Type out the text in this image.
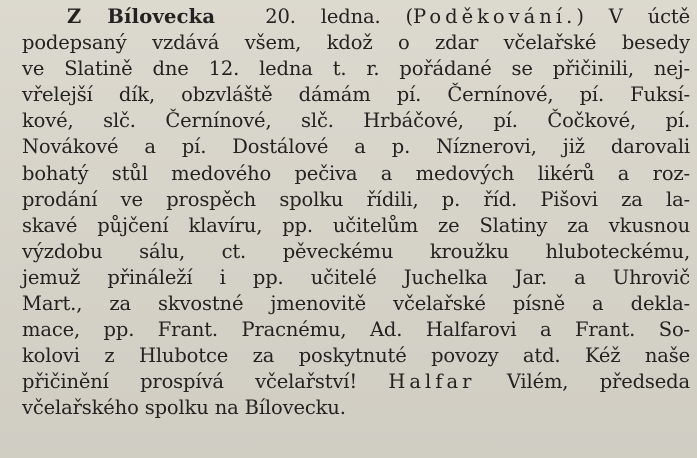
Z Bílovecka	20. ledna. (Poděkování.) V úctě
podepsaný vzdává všem, kdož o zdar včelařské besedy
ve Slatině dne 12. ledna t. r. pořádané se přičinili, nej-
vřelejší dík, obzvláště dámám pí. Černínové, pí. Fuksí-
kové, slč. Černínové, slč. Hrbáčové, pí. Čočkové, pí.
Novákové a pí. Dostálové a p. Níznerovi, již darovali
bohatý stůl medového pečiva a medových likérů a roz-
prodání ve prospěch spolku řídili, p. říd. Pišovi za la-
skavé půjčení klavíru, pp. učitelům ze Slatiny za vkusnou
výzdobu sálu, ct. pěveckému kroužku hlubotecké​mu,
jemuž přináleží i pp. učitelé Juchelka Jar. a Uhrovič
Mart., za skvostné jmenovitě včelařské písně a dekla-
mace, pp. Frant. Pracnému, Ad. Halfarovi a Frant. So-
kolovi z Hlubotce za poskytnuté povozy atd. Kéž naše
přičinění prospívá včelařství! Halfar Vilém, předseda
včelařského spolku na Bílovecku.
